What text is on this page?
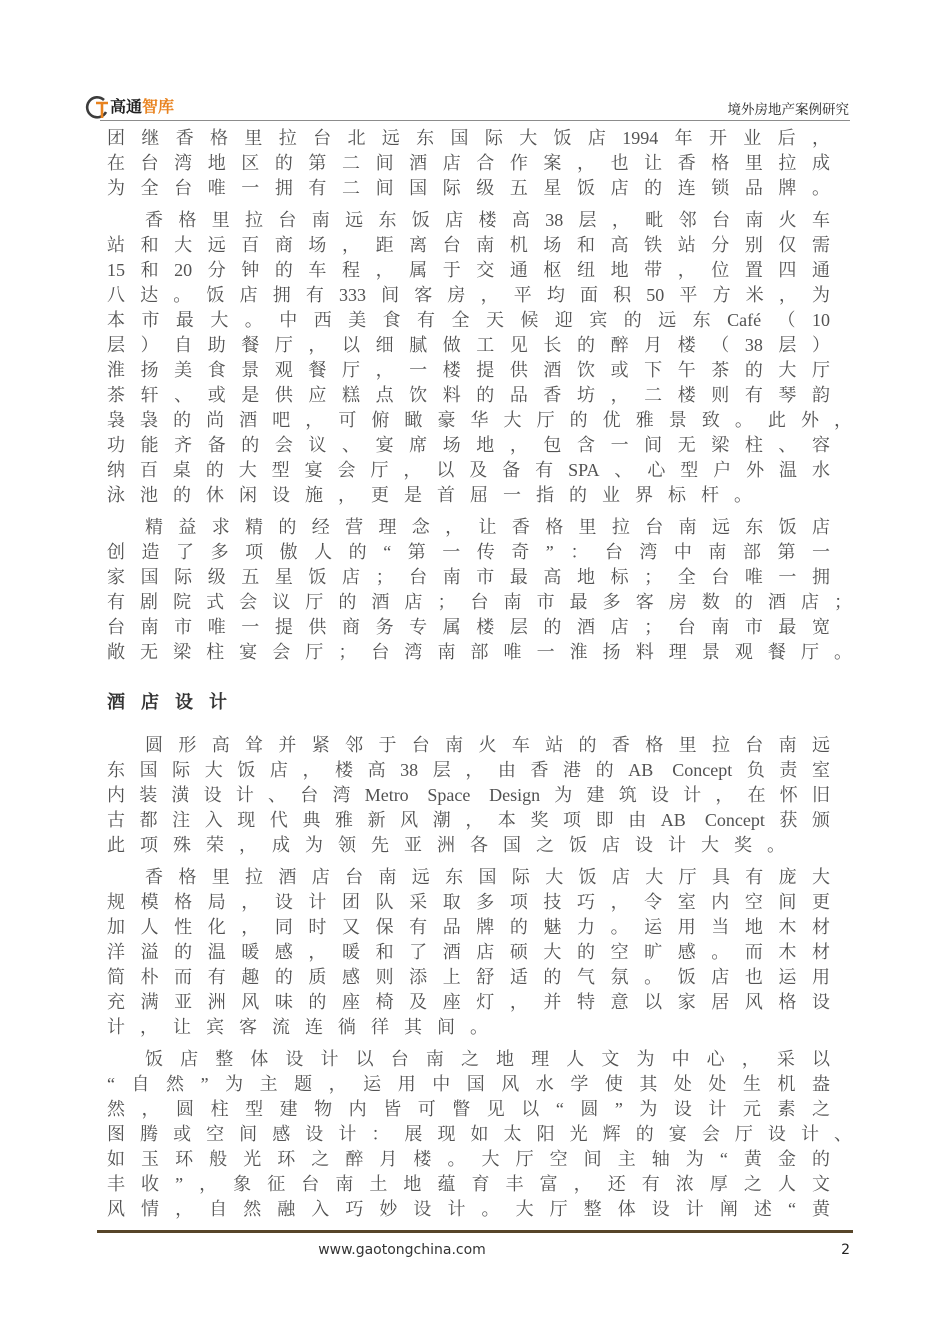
高通智库	境外房地产案例研究
团继香格里拉台北远东国际大饭店1994年开业后，
在台湾地区的第二间酒店合作案，也让香格里拉成
为全台唯一拥有二间国际级五星饭店的连锁品牌。
香格里拉台南远东饭店楼高38层，毗邻台南火车
站和大远百商场，距离台南机场和高铁站分别仅需
15和20分钟的车程，属于交通枢纽地带，位置四通
八达。饭店拥有333间客房，平均面积50平方米，为
本市最大。中西美食有全天候迎宾的远东Café（10
层）自助餐厅，以细腻做工见长的醉月楼（38层）
淮扬美食景观餐厅，一楼提供酒饮或下午茶的大厅
茶轩、或是供应糕点饮料的品香坊，二楼则有琴韵
袅袅的尚酒吧，可俯瞰豪华大厅的优雅景致。此外，
功能齐备的会议、宴席场地，包含一间无梁柱、容
纳百桌的大型宴会厅，以及备有SPA、心型户外温水
泳池的休闲设施，更是首屈一指的业界标杆。
精益求精的经营理念，让香格里拉台南远东饭店
创造了多项傲人的“第一传奇”：台湾中南部第一
家国际级五星饭店；台南市最高地标；全台唯一拥
有剧院式会议厅的酒店；台南市最多客房数的酒店；
台南市唯一提供商务专属楼层的酒店；台南市最宽
敞无梁柱宴会厅；台湾南部唯一淮扬料理景观餐厅。
酒店设计
圆形高耸并紧邻于台南火车站的香格里拉台南远
东国际大饭店，楼高38层，由香港的AB Concept负责室
内装潢设计、台湾Metro Space Design为建筑设计，在怀旧
古都注入现代典雅新风潮，本奖项即由AB Concept获颁
此项殊荣，成为领先亚洲各国之饭店设计大奖。
香格里拉酒店台南远东国际大饭店大厅具有庞大
规模格局，设计团队采取多项技巧，令室内空间更
加人性化，同时又保有品牌的魅力。运用当地木材
洋溢的温暖感，暖和了酒店硕大的空旷感。而木材
简朴而有趣的质感则添上舒适的气氛。饭店也运用
充满亚洲风味的座椅及座灯，并特意以家居风格设
计，让宾客流连徜徉其间。
饭店整体设计以台南之地理人文为中心，采以
“自然”为主题，运用中国风水学使其处处生机盎
然，圆柱型建物内皆可瞥见以“圆”为设计元素之
图腾或空间感设计：展现如太阳光辉的宴会厅设计、
如玉环般光环之醉月楼。大厅空间主轴为“黄金的
丰收”，象征台南土地蕴育丰富，还有浓厚之人文
风情，自然融入巧妙设计。大厅整体设计阐述“黄
www.gaotongchina.com	2
